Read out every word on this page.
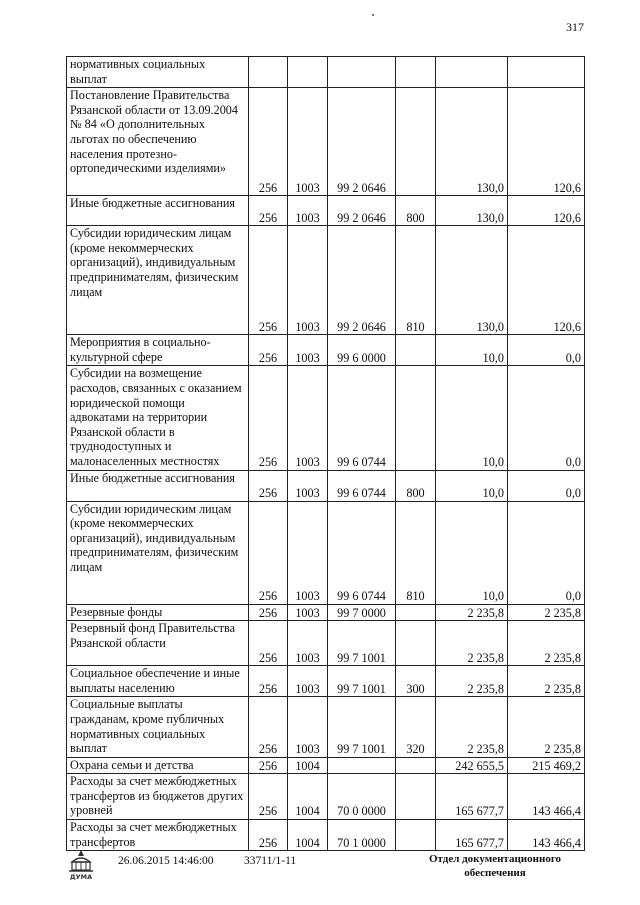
317
нормативных социальных выплат						
Постановление Правительства Рязанской области от 13.09.2004 № 84 «О дополнительных льготах по обеспечению населения протезно-ортопедическими изделиями»	256	1003	99 2 0646		130,0	120,6
Иные бюджетные ассигнования	256	1003	99 2 0646	800	130,0	120,6
Субсидии юридическим лицам (кроме некоммерческих организаций), индивидуальным предпринимателям, физическим лицам	256	1003	99 2 0646	810	130,0	120,6
Мероприятия в социально-культурной сфере	256	1003	99 6 0000		10,0	0,0
Субсидии на возмещение расходов, связанных с оказанием юридической помощи адвокатами на территории Рязанской области в труднодоступных и малонаселенных местностях	256	1003	99 6 0744		10,0	0,0
Иные бюджетные ассигнования	256	1003	99 6 0744	800	10,0	0,0
Субсидии юридическим лицам (кроме некоммерческих организаций), индивидуальным предпринимателям, физическим лицам	256	1003	99 6 0744	810	10,0	0,0
Резервные фонды	256	1003	99 7 0000		2 235,8	2 235,8
Резервный фонд Правительства Рязанской области	256	1003	99 7 1001		2 235,8	2 235,8
Социальное обеспечение и иные выплаты населению	256	1003	99 7 1001	300	2 235,8	2 235,8
Социальные выплаты гражданам, кроме публичных нормативных социальных выплат	256	1003	99 7 1001	320	2 235,8	2 235,8
Охрана семьи и детства	256	1004			242 655,5	215 469,2
Расходы за счет межбюджетных трансфертов из бюджетов других уровней	256	1004	70 0 0000		165 677,7	143 466,4
Расходы за счет межбюджетных трансфертов	256	1004	70 1 0000		165 677,7	143 466,4
ДУМА
26.06.2015 14:46:00	33711/1-11	Отдел документационного
обеспечения
